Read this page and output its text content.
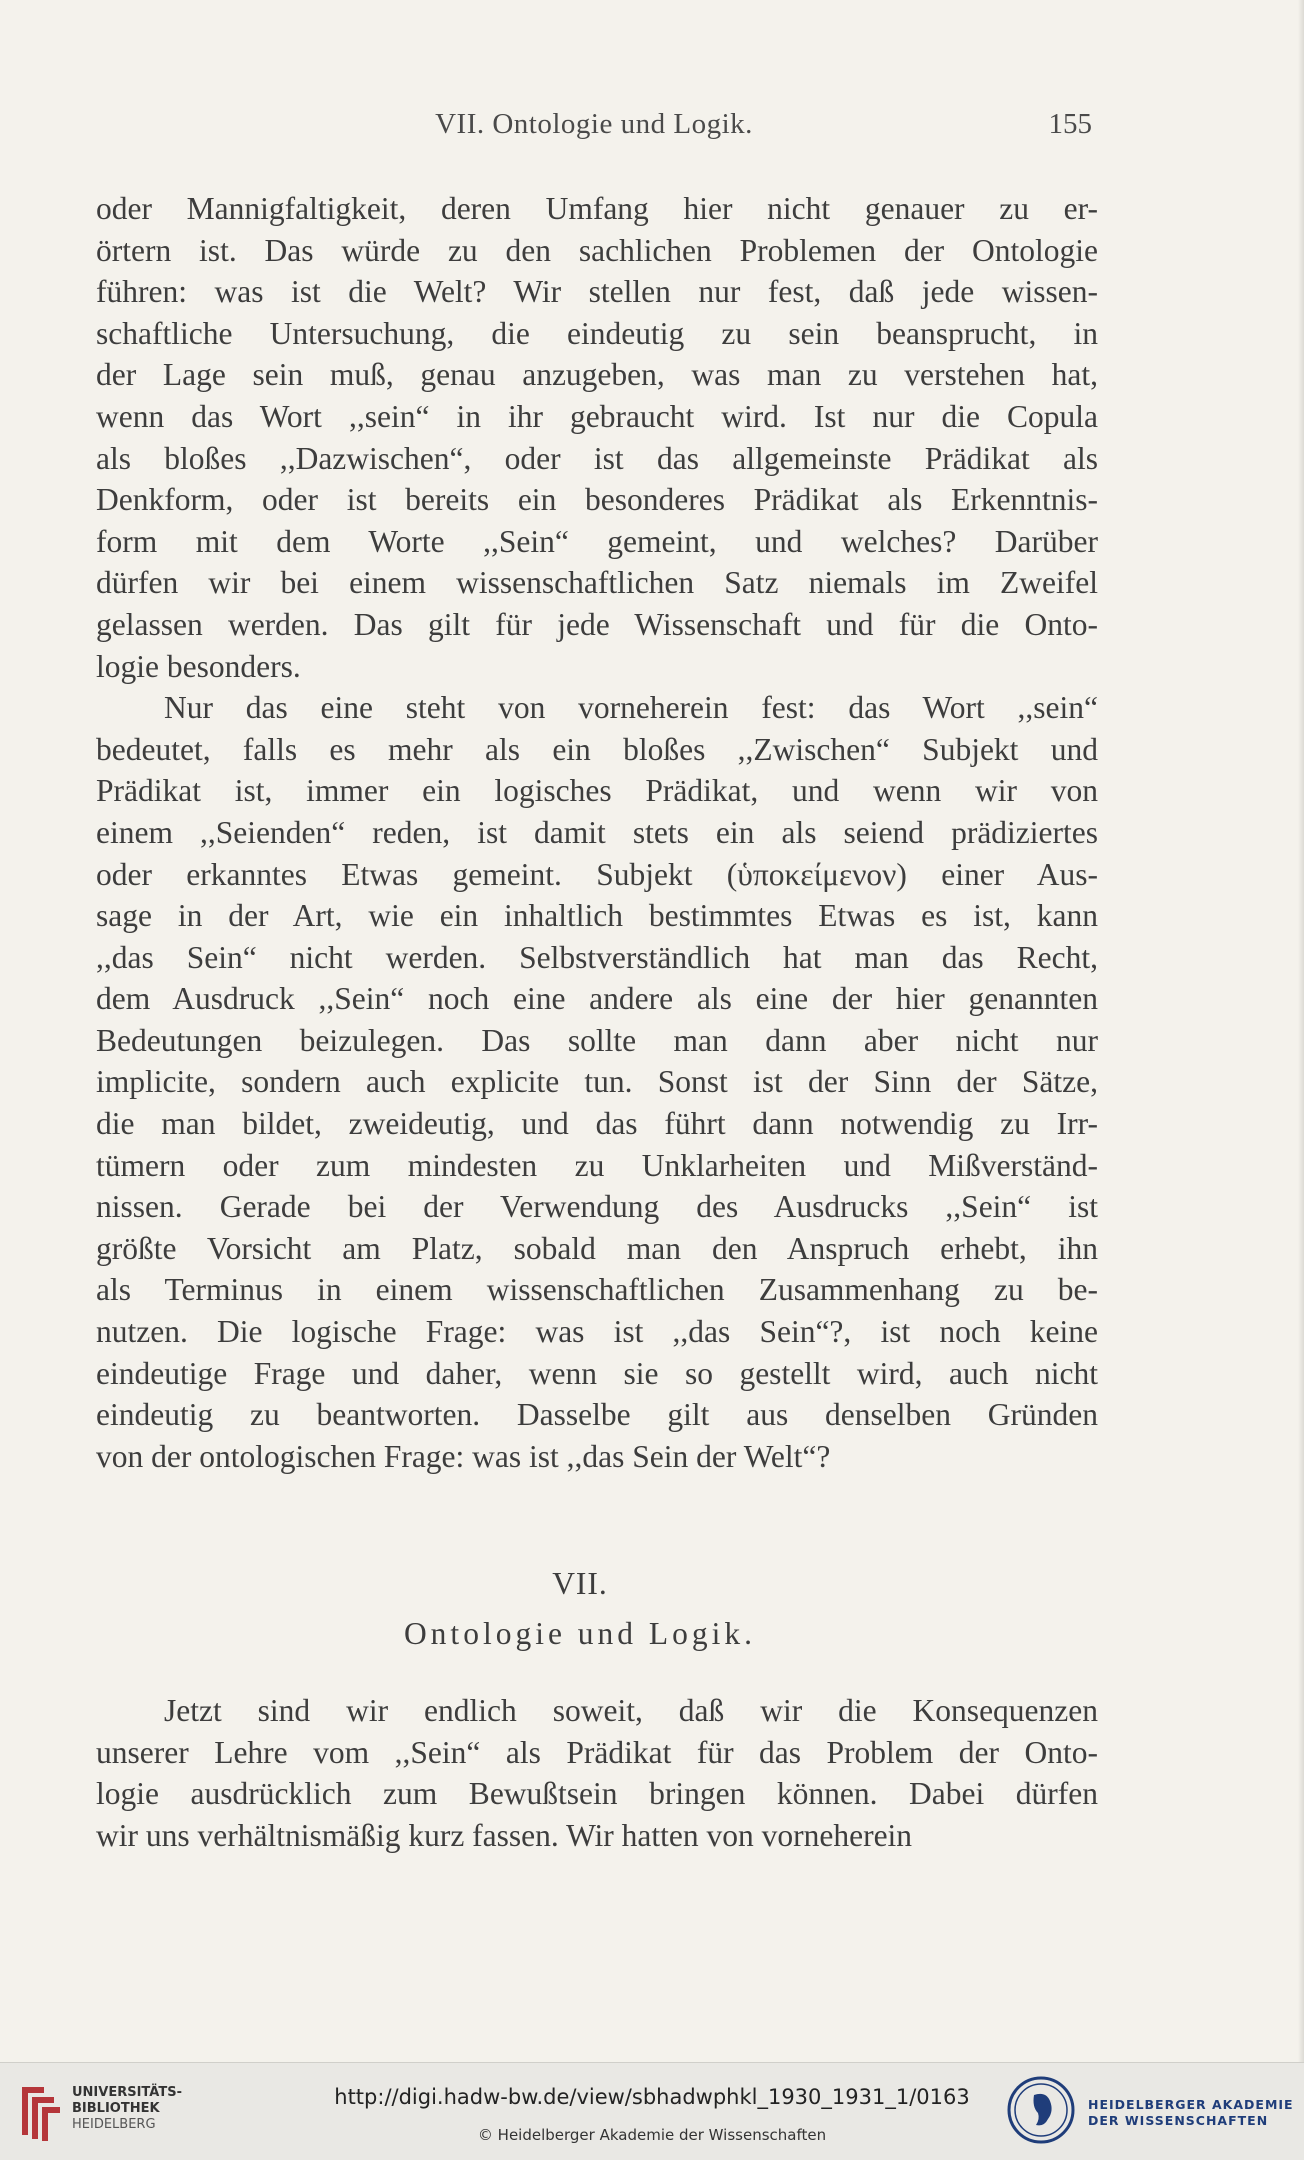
VII. Ontologie und Logik.	155
oder Mannigfaltigkeit, deren Umfang hier nicht genauer zu er-
örtern ist. Das würde zu den sachlichen Problemen der Ontologie
führen: was ist die Welt? Wir stellen nur fest, daß jede wissen-
schaftliche Untersuchung, die eindeutig zu sein beansprucht, in
der Lage sein muß, genau anzugeben, was man zu verstehen hat,
wenn das Wort ,,sein“ in ihr gebraucht wird. Ist nur die Copula
als bloßes ,,Dazwischen“, oder ist das allgemeinste Prädikat als
Denkform, oder ist bereits ein besonderes Prädikat als Erkenntnis-
form mit dem Worte ,,Sein“ gemeint, und welches? Darüber
dürfen wir bei einem wissenschaftlichen Satz niemals im Zweifel
gelassen werden. Das gilt für jede Wissenschaft und für die Onto-
logie besonders.
Nur das eine steht von vorneherein fest: das Wort ,,sein“
bedeutet, falls es mehr als ein bloßes ,,Zwischen“ Subjekt und
Prädikat ist, immer ein logisches Prädikat, und wenn wir von
einem ,,Seienden“ reden, ist damit stets ein als seiend prädiziertes
oder erkanntes Etwas gemeint. Subjekt (ὑποκείμενον) einer Aus-
sage in der Art, wie ein inhaltlich bestimmtes Etwas es ist, kann
,,das Sein“ nicht werden. Selbstverständlich hat man das Recht,
dem Ausdruck ,,Sein“ noch eine andere als eine der hier genannten
Bedeutungen beizulegen. Das sollte man dann aber nicht nur
implicite, sondern auch explicite tun. Sonst ist der Sinn der Sätze,
die man bildet, zweideutig, und das führt dann notwendig zu Irr-
tümern oder zum mindesten zu Unklarheiten und Mißverständ-
nissen. Gerade bei der Verwendung des Ausdrucks ,,Sein“ ist
größte Vorsicht am Platz, sobald man den Anspruch erhebt, ihn
als Terminus in einem wissenschaftlichen Zusammenhang zu be-
nutzen. Die logische Frage: was ist ,,das Sein“?, ist noch keine
eindeutige Frage und daher, wenn sie so gestellt wird, auch nicht
eindeutig zu beantworten. Dasselbe gilt aus denselben Gründen
von der ontologischen Frage: was ist ,,das Sein der Welt“?
VII.
Ontologie und Logik.
Jetzt sind wir endlich soweit, daß wir die Konsequenzen
unserer Lehre vom ,,Sein“ als Prädikat für das Problem der Onto-
logie ausdrücklich zum Bewußtsein bringen können. Dabei dürfen
wir uns verhältnismäßig kurz fassen. Wir hatten von vorneherein
UNIVERSITÄTS-
BIBLIOTHEK
HEIDELBERG
http://digi.hadw-bw.de/view/sbhadwphkl_1930_1931_1/0163
© Heidelberger Akademie der Wissenschaften
HEIDELBERGER AKADEMIE
DER WISSENSCHAFTEN
